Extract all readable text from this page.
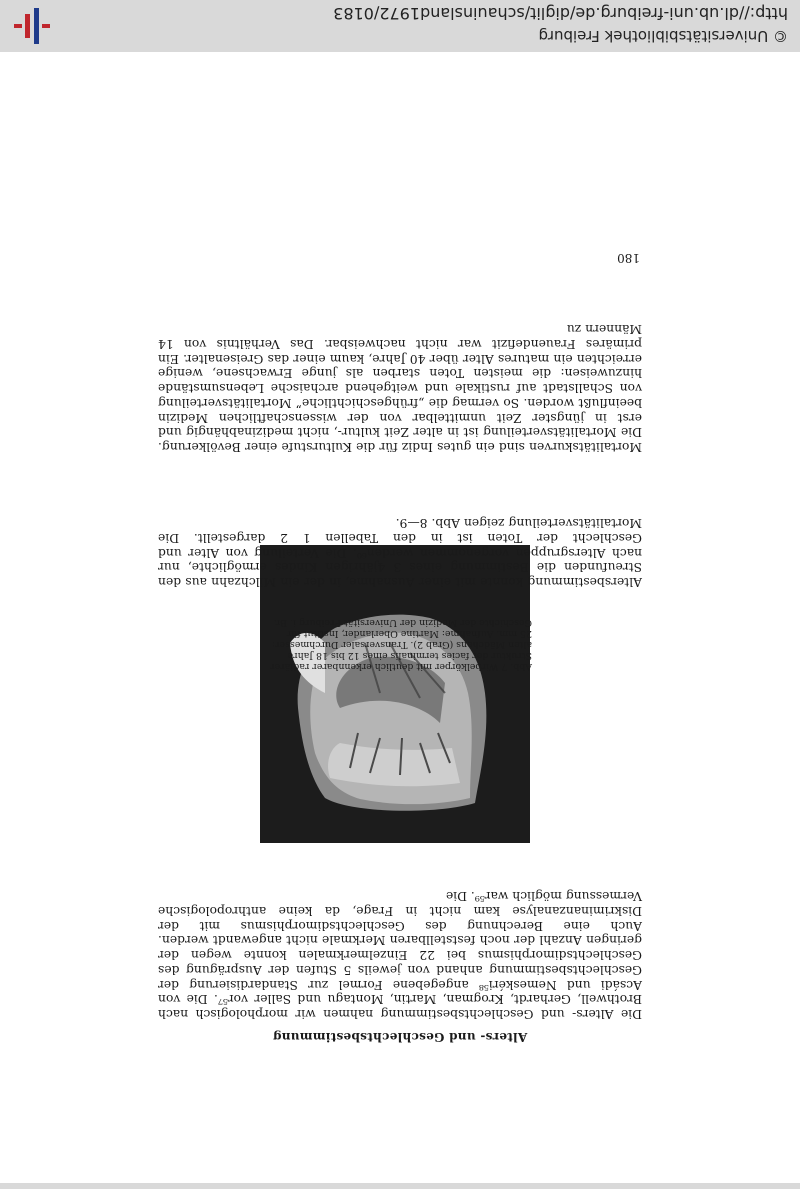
Alters- und Geschlechtsbestimmung
Die Alters- und Geschlechtsbestimmung nahmen wir morphologisch nach Brothwell, Gerhardt, Krogman, Martin, Montagu und Saller vor⁵⁷. Die von Acsádi und Nemeskéri⁵⁸ angegebene Formel zur Standardisierung der Geschlechtsbestimmung anhand von jeweils 5 Stufen der Ausprägung des Geschlechtsdimorphismus bei 22 Einzelmerkmalen konnte wegen der geringen Anzahl der noch feststellbaren Merkmale nicht angewandt werden. Auch eine Berechnung des Geschlechtsdimorphismus mit der Diskriminanzanalyse kam nicht in Frage, da keine anthropologische Vermessung möglich war⁵⁹. Die
Abb. 7 Wirbelkörper mit deutlich erkennbarer radiärer Struktur der facies terminalis eines 12 bis 18 Jahre alten Mädchens (Grab 2). Transversaler Durchmesser: 25 mm. Aufnahme: Martine Oberlander, Institut für Geschichte der Medizin der Universität Freiburg i. Br.
Altersbestimmung konnte mit einer Ausnahme, in der ein Milchzahn aus den Streufunden die Bestimmung eines 3 4jährigen Kindes ermöglichte, nur nach Altersgruppen vorgenommen werden⁶⁰. Die Verteilung von Alter und Geschlecht der Toten ist in den Tabellen 1 2 dargestellt. Die Mortalitätsverteilung zeigen Abb. 8—9.
Mortalitätskurven sind ein gutes Indiz für die Kulturstufe einer Bevölkerung. Die Mortalitätsverteilung ist in alter Zeit kultur-, nicht medizinabhängig und erst in jüngster Zeit unmittelbar von der wissenschaftlichen Medizin beeinflußt worden. So vermag die „frühgeschichtliche” Mortalitätsverteilung von Schallstadt auf rustikale und weitgehend archaische Lebensumstände hinzuweisen: die meisten Toten starben als junge Erwachsene, wenige erreichten ein matures Alter über 40 Jahre, kaum einer das Greisenalter. Ein primäres Frauendefizit war nicht nachweisbar. Das Verhältnis von 14 Männern zu
180
© Universitätsbibliothek Freiburg
http://dl.ub.uni-freiburg.de/diglit/schauinsland1972/0183
